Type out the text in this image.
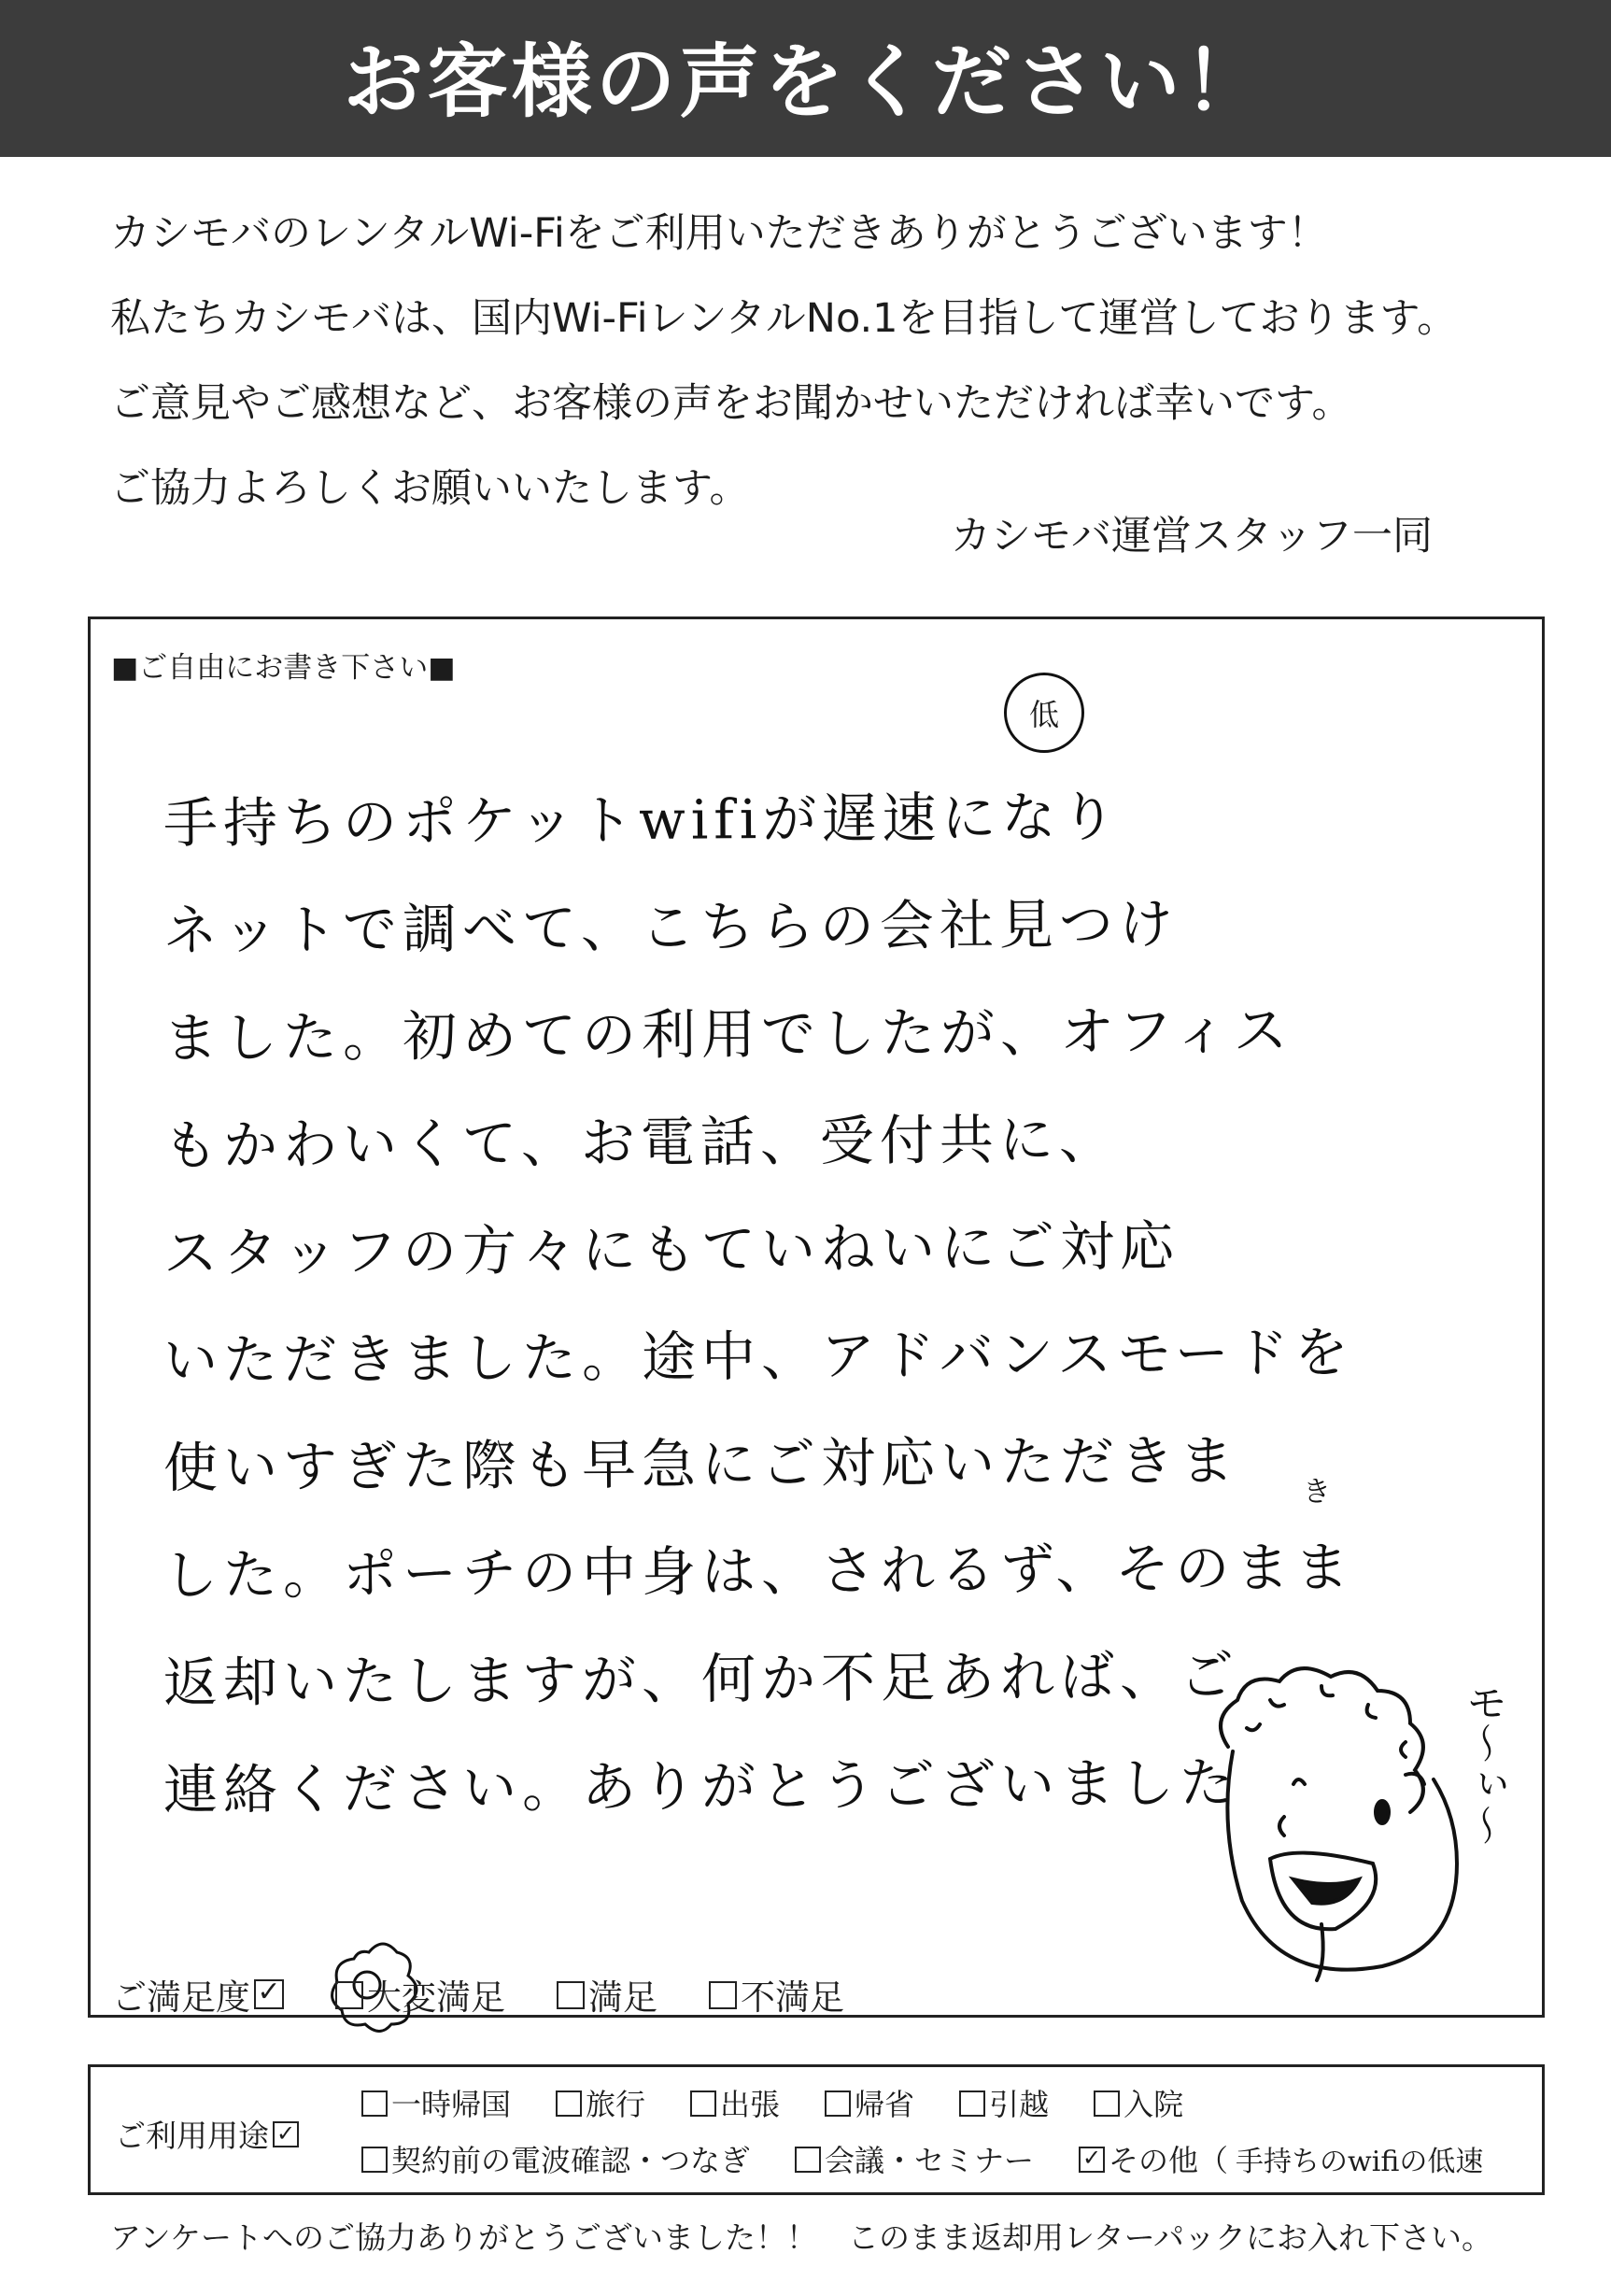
お客様の声をください！
カシモバのレンタルWi-Fiをご利用いただきありがとうございます！
私たちカシモバは、国内Wi-FiレンタルNo.1を目指して運営しております。
ご意見やご感想など、お客様の声をお聞かせいただければ幸いです。
ご協力よろしくお願いいたします。
カシモバ運営スタッフ一同
■ご自由にお書き下さい■
低
き
手持ちのポケットwifiが遅速になり
ネットで調べて、こちらの会社見つけ
ました。初めての利用でしたが、オフィス
もかわいくて、お電話、受付共に、
スタッフの方々にもていねいにご対応
いただきました。途中、アドバンスモードを
使いすぎた際も早急にご対応いただきま
した。ポーチの中身は、されるず、そのまま
返却いたしますが、何か不足あれば、ご
連絡ください。ありがとうございました	モ〜ぃ〜
ご満足度 ✓ 大変満足 満足 不満足
ご利用用途 ✓
一時帰国	旅行	出張	帰省	引越	入院
契約前の電波確認・つなぎ	会議・セミナー ✓ その他（ 手持ちのwifiの低速
アンケートへのご協力ありがとうございました！！　このまま返却用レターパックにお入れ下さい。
